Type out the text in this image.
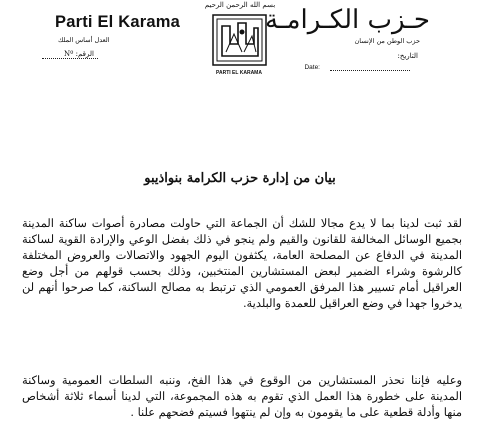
بسم الله الرحمن الرحيم
Parti El Karama
العدل أساس الملك
الرقم: Nº
حـزب الكـرامـة
حزب الوطن من الإنسان
التاريخ:
Date:
PARTI EL KARAMA
بيان من إدارة حزب الكرامة بنواذيبو
لقد ثبت لدينا بما لا يدع مجالا للشك أن الجماعة التي حاولت مصادرة أصوات ساكنة المدينة بجميع الوسائل المخالفة للقانون والقيم ولم ينجو في ذلك بفضل الوعي والإرادة القوية لساكنة المدينة في الدفاع عن المصلحة العامة، يكثفون اليوم الجهود والاتصالات والعروض المختلفة كالرشوة وشراء الضمير لبعض المستشارين المنتخبين، وذلك بحسب قولهم من أجل وضع العراقيل أمام تسيير هذا المرفق العمومي الذي ترتبط به مصالح الساكنة، كما صرحوا أنهم لن يدخروا جهدا في وضع العراقيل للعمدة والبلدية.
وعليه فإننا نحذر المستشارين من الوقوع في هذا الفخ، وننبه السلطات العمومية وساكنة المدينة على خطورة هذا العمل الذي تقوم به هذه المجموعة، التي لدينا أسماء ثلاثة أشخاص منها وأدلة قطعية على ما يقومون به وإن لم ينتهوا فسيتم فضحهم علنا .
